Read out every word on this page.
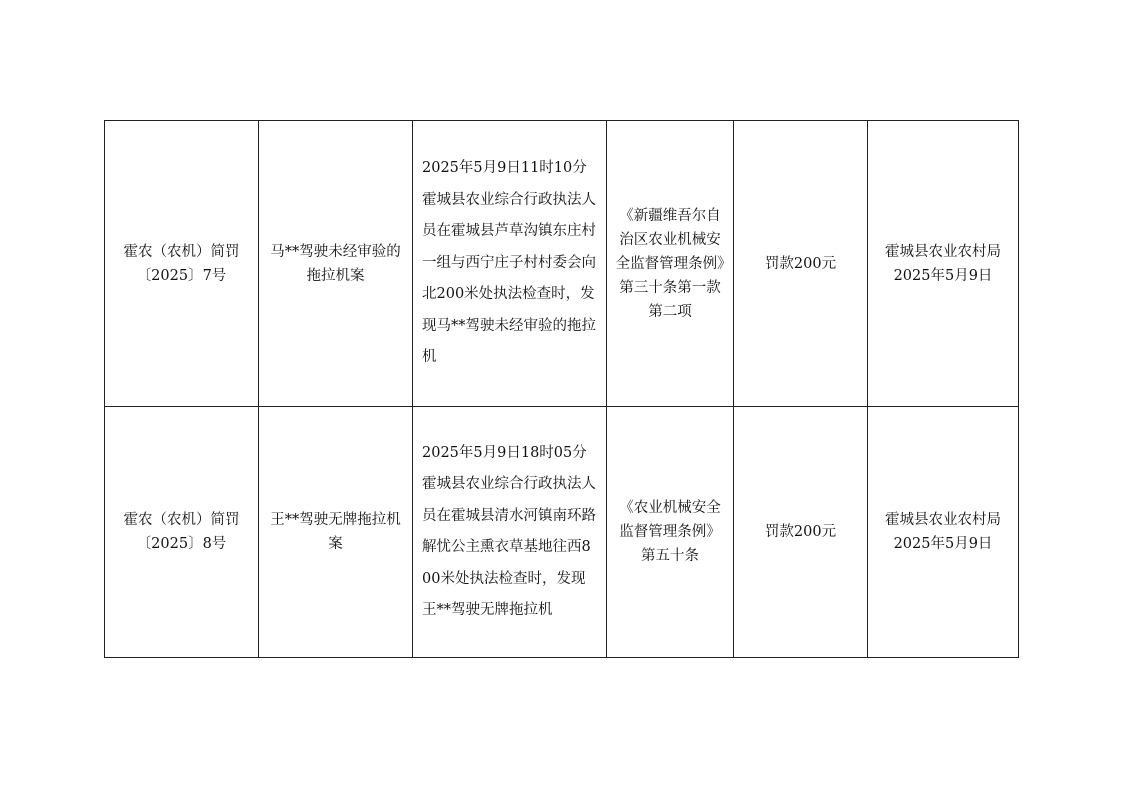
霍农（农机）简罚
〔2025〕7号	马**驾驶未经审验的拖拉机案	2025年5月9日11时10分霍城县农业综合行政执法人员在霍城县芦草沟镇东庄村一组与西宁庄子村村委会向北200米处执法检查时，发现马**驾驶未经审验的拖拉机	《新疆维吾尔自治区农业机械安全监督管理条例》第三十条第一款第二项	罚款200元	霍城县农业农村局
2025年5月9日

霍农（农机）简罚
〔2025〕8号	王**驾驶无牌拖拉机案	2025年5月9日18时05分霍城县农业综合行政执法人员在霍城县清水河镇南环路解忧公主熏衣草基地往西800米处执法检查时，发现王**驾驶无牌拖拉机	《农业机械安全监督管理条例》第五十条	罚款200元	霍城县农业农村局
2025年5月9日
